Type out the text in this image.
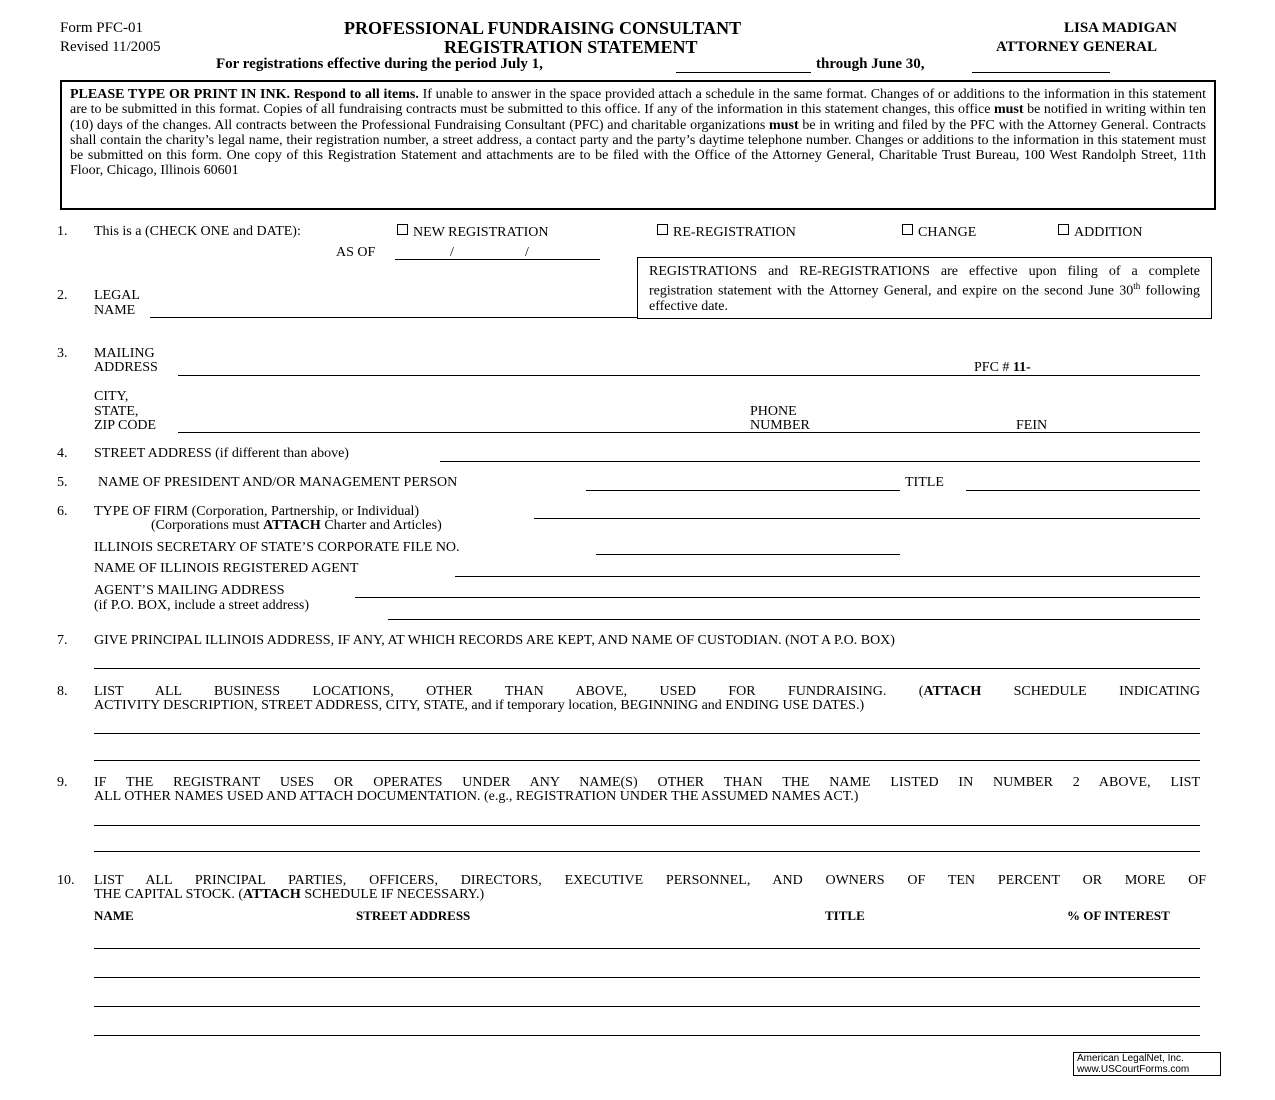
Form PFC-01
Revised 11/2005
PROFESSIONAL FUNDRAISING CONSULTANT
REGISTRATION STATEMENT
LISA MADIGAN
ATTORNEY GENERAL
For registrations effective during the period July 1,	through June 30,
PLEASE TYPE OR PRINT IN INK. Respond to all items. If unable to answer in the space provided attach a schedule in the same format. Changes of or additions to the information in this statement are to be submitted in this format. Copies of all fundraising contracts must be submitted to this office. If any of the information in this statement changes, this office must be notified in writing within ten (10) days of the changes. All contracts between the Professional Fundraising Consultant (PFC) and charitable organizations must be in writing and filed by the PFC with the Attorney General. Contracts shall contain the charity’s legal name, their registration number, a street address, a contact party and the party’s daytime telephone number. Changes or additions to the information in this statement must be submitted on this form. One copy of this Registration Statement and attachments are to be filed with the Office of the Attorney General, Charitable Trust Bureau, 100 West Randolph Street, 11th Floor, Chicago, Illinois 60601
1. This is a (CHECK ONE and DATE):	NEW REGISTRATION	RE-REGISTRATION	CHANGE	ADDITION
AS OF	/	/
REGISTRATIONS and RE-REGISTRATIONS are effective upon filing of a complete registration statement with the Attorney General, and expire on the second June 30th following effective date.
2. LEGAL
NAME
3. MAILING
ADDRESS	PFC # 11-
CITY,
STATE,
ZIP CODE
PHONE
NUMBER	FEIN
4. STREET ADDRESS (if different than above)
5. NAME OF PRESIDENT AND/OR MANAGEMENT PERSON	TITLE
6. TYPE OF FIRM (Corporation, Partnership, or Individual)
(Corporations must ATTACH Charter and Articles)
ILLINOIS SECRETARY OF STATE’S CORPORATE FILE NO.
NAME OF ILLINOIS REGISTERED AGENT
AGENT’S MAILING ADDRESS
(if P.O. BOX, include a street address)
7. GIVE PRINCIPAL ILLINOIS ADDRESS, IF ANY, AT WHICH RECORDS ARE KEPT, AND NAME OF CUSTODIAN. (NOT A P.O. BOX)
8. LIST ALL BUSINESS LOCATIONS, OTHER THAN ABOVE, USED FOR FUNDRAISING. (ATTACH SCHEDULE INDICATING
ACTIVITY DESCRIPTION, STREET ADDRESS, CITY, STATE, and if temporary location, BEGINNING and ENDING USE DATES.)
9. IF THE REGISTRANT USES OR OPERATES UNDER ANY NAME(S) OTHER THAN THE NAME LISTED IN NUMBER 2 ABOVE, LIST
ALL OTHER NAMES USED AND ATTACH DOCUMENTATION. (e.g., REGISTRATION UNDER THE ASSUMED NAMES ACT.)
10. LIST ALL PRINCIPAL PARTIES, OFFICERS, DIRECTORS, EXECUTIVE PERSONNEL, AND OWNERS OF TEN PERCENT OR MORE OF
THE CAPITAL STOCK. (ATTACH SCHEDULE IF NECESSARY.)
NAME	STREET ADDRESS	TITLE	% OF INTEREST
American LegalNet, Inc.
www.USCourtForms.com
